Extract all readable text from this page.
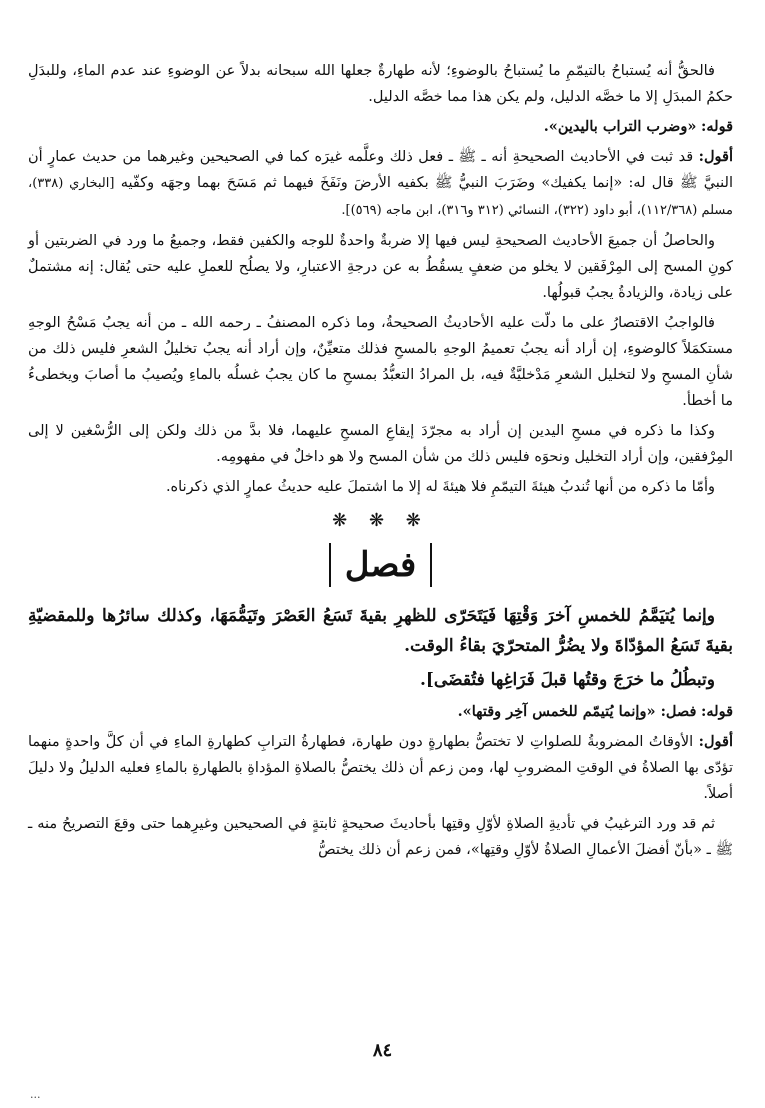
فالحقُّ أنه يُستباحُ بالتيمّمِ ما يُستباحُ بالوضوءِ؛ لأنه طهارةٌ جعلها الله سبحانه بدلاً عن الوضوءِ عند عدم الماءِ، وللبدَلِ حكمُ المبدَلِ إلا ما خصَّه الدليل، ولم يكن هذا مما خصَّه الدليل.

قوله: «وضرب التراب باليدين».

أقول: قد ثبت في الأحاديث الصحيحةِ أنه ـ ﷺ ـ فعل ذلك وعلَّمه غيرَه كما في الصحيحين وغيرهما من حديث عمارٍ أن النبيَّ ﷺ قال له: «إنما يكفيك» وضَرَبَ النبيُّ ﷺ بكفيه الأرضَ ونَفَخَ فيهما ثم مَسَحَ بهما وجهَه وكفّيه [البخاري (٣٣٨)، مسلم (١١٢/٣٦٨)، أبو داود (٣٢٢)، النسائي (٣١٢ و٣١٦)، ابن ماجه (٥٦٩)].

والحاصلُ أن جميعَ الأحاديث الصحيحةِ ليس فيها إلا ضربةٌ واحدةٌ للوجه والكفين فقط، وجميعُ ما ورد في الضربتين أو كونِ المسح إلى المِرْفَقين لا يخلو من ضعفٍ يسقُطُ به عن درجةِ الاعتبارِ، ولا يصلُح للعملِ عليه حتى يُقال: إنه مشتملٌ على زيادة، والزيادةُ يجبُ قبولُها.

فالواجبُ الاقتصارُ على ما دلّت عليه الأحاديثُ الصحيحةُ، وما ذكره المصنفُ ـ رحمه الله ـ من أنه يجبُ مَسْحُ الوجهِ مستكمَلاً كالوضوءِ، إن أراد أنه يجبُ تعميمُ الوجهِ بالمسحِ فذلك متعيِّنٌ، وإن أراد أنه يجبُ تخليلُ الشعرِ فليس ذلك من شأنِ المسحِ ولا لتخليل الشعرِ مَدْخليَّةٌ فيه، بل المرادُ التعبُّدُ بمسحِ ما كان يجبُ غسلُه بالماءِ ويُصيبُ ما أصابَ ويخطىءُ ما أخطأ.

وكذا ما ذكره في مسحِ اليدين إن أراد به مجرّدَ إيقاعِ المسحِ عليهما، فلا بدَّ من ذلك ولكن إلى الرُّسْغين لا إلى المِرْفقين، وإن أراد التخليل ونحوَه فليس ذلك من شأن المسح ولا هو داخلٌ في مفهومِه.

وأمّا ما ذكره من أنها تُندبُ هيئةَ التيمّمِ فلا هيئةَ له إلا ما اشتملَ عليه حديثُ عمارٍ الذي ذكرناه.

❋ ❋ ❋
فصل

وإنما يُتيَمَّمُ للخمسِ آخرَ وَقْتِهَا فَيَتَحَرّى للظهرِ بقيةَ تَسَعُ العَصْرَ وتَيَمُّمَهَا، وكذلك سائرُها وللمقضيّةِ بقيةَ تَسَعُ المؤدّاةَ ولا يضُرُّ المتحرّيَ بقاءُ الوقت.

وتبطُلُ ما خرَجَ وقتُها قبلَ فَرَاغِها فتُقضَى].

قوله: فصل: «وإنما يُتيمّم للخمس آخِر وقتها».

أقول: الأوقاتُ المضروبةُ للصلواتِ لا تختصُّ بطهارةٍ دون طهارة، فطهارةُ الترابِ كطهارةِ الماءِ في أن كلَّ واحدةٍ منهما تؤدّى بها الصلاةُ في الوقتِ المضروبِ لها، ومن زعم أن ذلك يختصُّ بالصلاةِ المؤداةِ بالطهارةِ بالماءِ فعليه الدليلُ ولا دليلَ أصلاً.

ثم قد ورد الترغيبُ في تأديةِ الصلاةِ لأوّلِ وقتِها بأحاديثَ صحيحةٍ ثابتةٍ في الصحيحين وغيرِهما حتى وقعَ التصريحُ منه ـ ﷺ ـ «بأنّ أفضلَ الأعمالِ الصلاةُ لأوّلِ وقتِها»، فمن زعم أن ذلك يختصُّ

٨٤
...
